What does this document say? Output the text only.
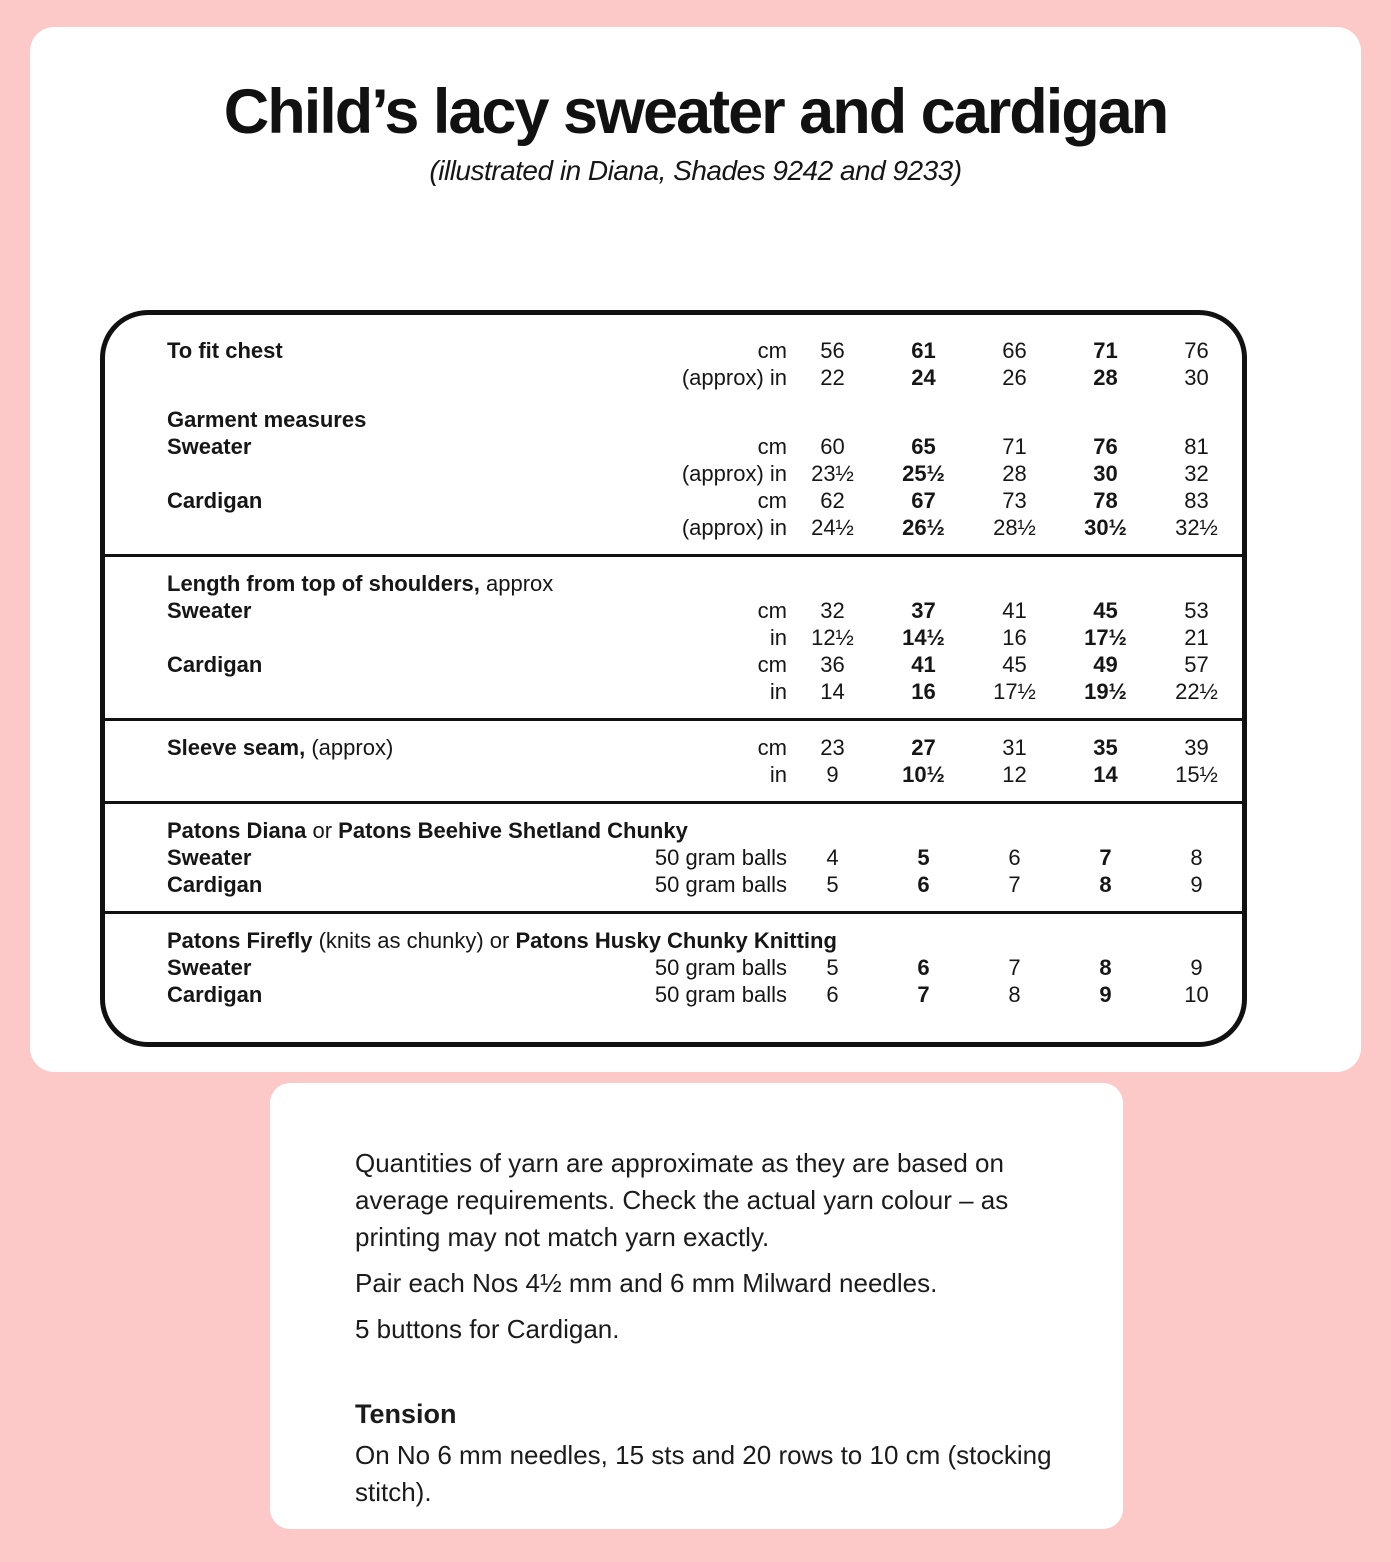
Child’s lacy sweater and cardigan
(illustrated in Diana, Shades 9242 and 9233)
To fit chest	cm	56	61	66	71	76
(approx) in	22	24	26	28	30
Garment measures
Sweater	cm	60	65	71	76	81
(approx) in	23½	25½	28	30	32
Cardigan	cm	62	67	73	78	83
(approx) in	24½	26½	28½	30½	32½
Length from top of shoulders, approx
Sweater	cm	32	37	41	45	53
in	12½	14½	16	17½	21
Cardigan	cm	36	41	45	49	57
in	14	16	17½	19½	22½
Sleeve seam, (approx)	cm	23	27	31	35	39
in	9	10½	12	14	15½
Patons Diana or Patons Beehive Shetland Chunky
Sweater	50 gram balls	4	5	6	7	8
Cardigan	50 gram balls	5	6	7	8	9
Patons Firefly (knits as chunky) or Patons Husky Chunky Knitting
Sweater	50 gram balls	5	6	7	8	9
Cardigan	50 gram balls	6	7	8	9	10

Quantities of yarn are approximate as they are based on average requirements. Check the actual yarn colour – as printing may not match yarn exactly.

Pair each Nos 4½ mm and 6 mm Milward needles.

5 buttons for Cardigan.

Tension
On No 6 mm needles, 15 sts and 20 rows to 10 cm (stocking stitch).
